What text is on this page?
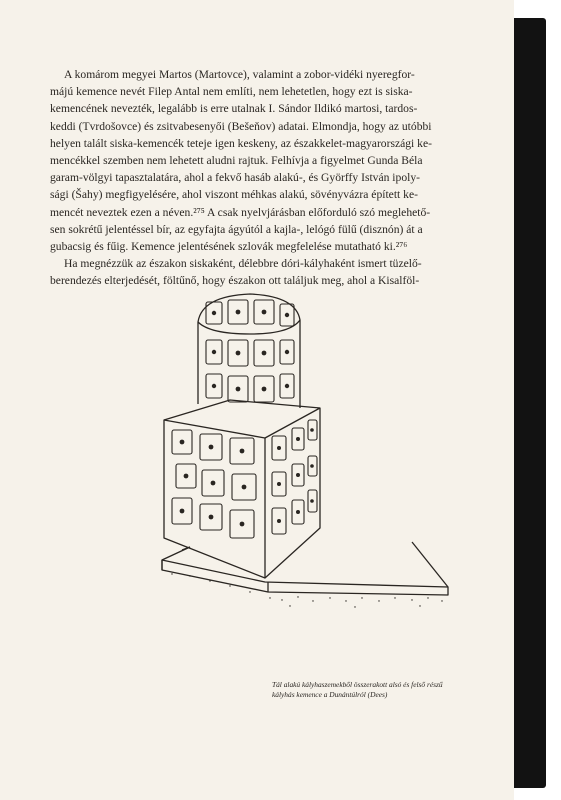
A komárom megyei Martos (Martovce), valamint a zobor-vidéki nyeregfor-
májú kemence nevét Filep Antal nem említi, nem lehetetlen, hogy ezt is siska-
kemencének nevezték, legalább is erre utalnak I. Sándor Ildikó martosi, tardos-
keddi (Tvrdošovce) és zsitvabesenyői (Bešeňov) adatai. Elmondja, hogy az utóbbi
helyen talált siska-kemencék teteje igen keskeny, az északkelet-magyarországi ke-
mencékkel szemben nem lehetett aludni rajtuk. Felhívja a figyelmet Gunda Béla
garam-völgyi tapasztalatára, ahol a fekvő hasáb alakú-, és Györffy István ipoly-
sági (Šahy) megfigyelésére, ahol viszont méhkas alakú, sövényvázra épített ke-
mencét neveztek ezen a néven.²⁷⁵ A csak nyelvjárásban előforduló szó meglehető-
sen sokrétű jelentéssel bír, az egyfajta ágyútól a kajla-, lelógó fülű (disznón) át a
gubacsig és fűig. Kemence jelentésének szlovák megfelelése mutatható ki.²⁷⁶
Ha megnézzük az északon siskaként, délebbre dóri-kályhaként ismert tüzelő-
berendezés elterjedését, föltűnő, hogy északon ott találjuk meg, ahol a Kisalföl-
Tál alakú kályhaszemekből összerakott alsó és felső részű
kályhás kemence a Dunántúlról (Dees)
